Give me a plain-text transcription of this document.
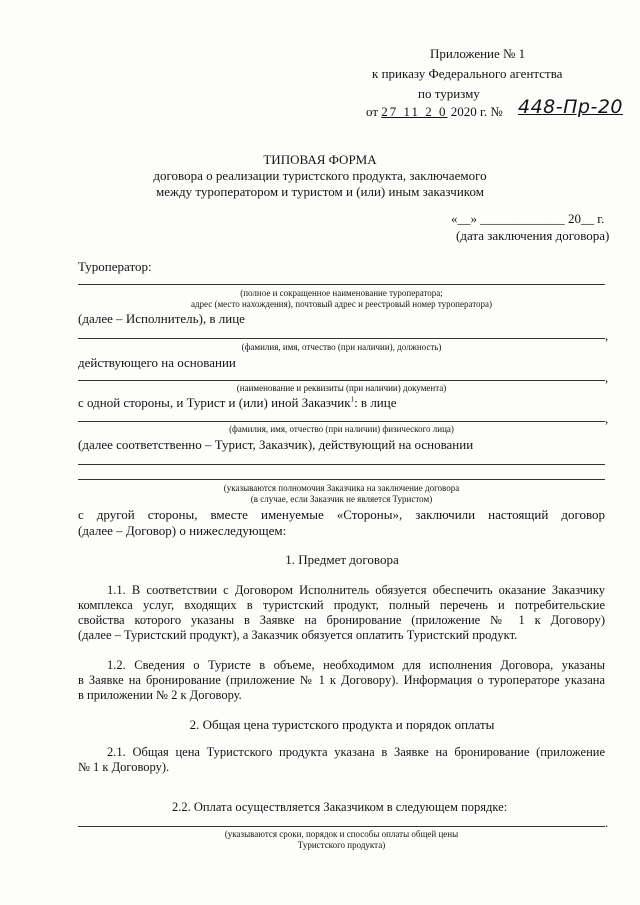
Приложение № 1
к приказу Федерального агентства
по туризму
от 27 11 2 0 2020 г. № 448-Пр-20
ТИПОВАЯ ФОРМА
договора о реализации туристского продукта, заключаемого
между туроператором и туристом и (или) иным заказчиком
«__» _____________ 20__ г.
(дата заключения договора)
Туроператор:
(полное и сокращенное наименование туроператора;
адрес (место нахождения), почтовый адрес и реестровый номер туроператора)
(далее – Исполнитель), в лице
,
(фамилия, имя, отчество (при наличии), должность)
действующего на основании
,
(наименование и реквизиты (при наличии) документа)
с одной стороны, и Турист и (или) иной Заказчик$^1$: в лице
,
(фамилия, имя, отчество (при наличии) физического лица)
(далее соответственно – Турист, Заказчик), действующий на основании
(указываются полномочия Заказчика на заключение договора
(в случае, если Заказчик не является Туристом)
с другой стороны, вместе именуемые «Стороны», заключили настоящий договор
(далее – Договор) о нижеследующем:
1. Предмет договора
1.1. В соответствии с Договором Исполнитель обязуется обеспечить оказание Заказчику
комплекса услуг, входящих в туристский продукт, полный перечень и потребительские
свойства которого указаны в Заявке на бронирование (приложение № 1 к Договору)
(далее – Туристский продукт), а Заказчик обязуется оплатить Туристский продукт.
1.2. Сведения о Туристе в объеме, необходимом для исполнения Договора, указаны
в Заявке на бронирование (приложение № 1 к Договору). Информация о туроператоре указана
в приложении № 2 к Договору.
2. Общая цена туристского продукта и порядок оплаты
2.1. Общая цена Туристского продукта указана в Заявке на бронирование (приложение
№ 1 к Договору).
2.2. Оплата осуществляется Заказчиком в следующем порядке:
.
(указываются сроки, порядок и способы оплаты общей цены
Туристского продукта)
